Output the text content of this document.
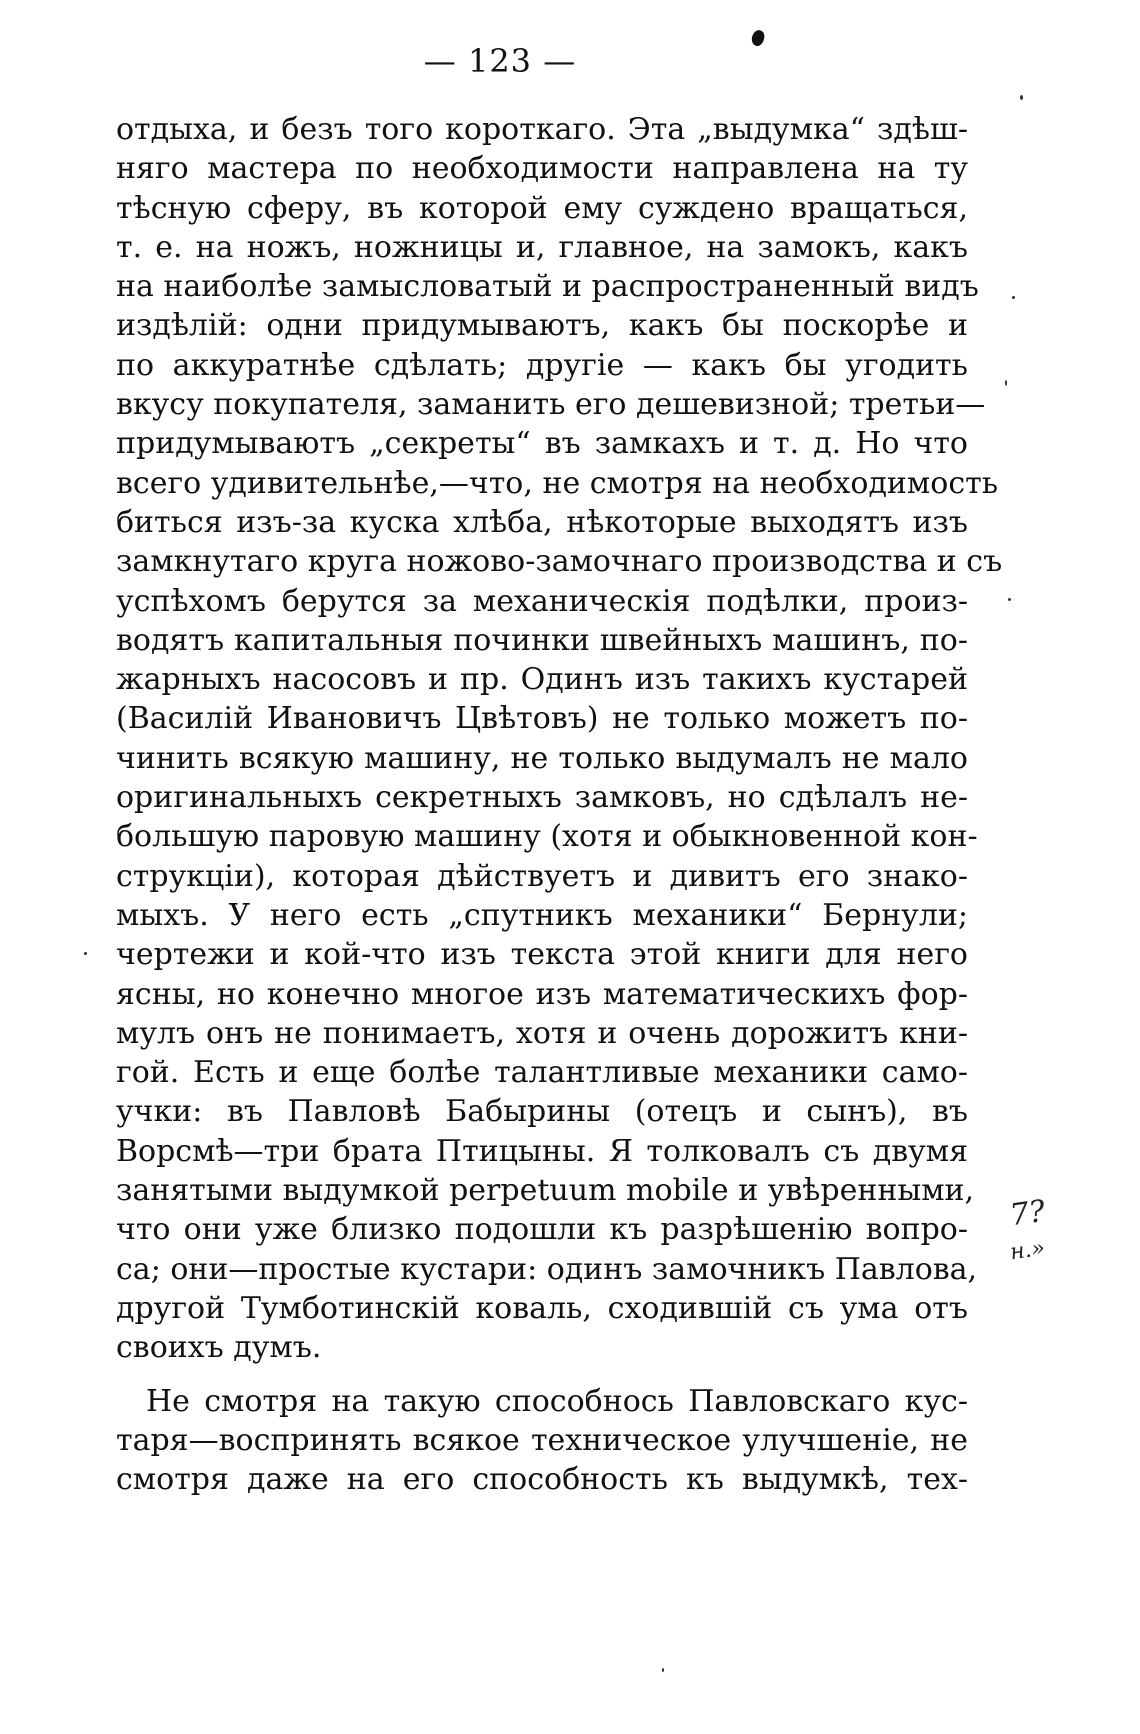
— 123 —
отдыха, и безъ того короткаго. Эта „выдумка“ здѣш-
няго мастера по необходимости направлена на ту
тѣсную сферу, въ которой ему суждено вращаться,
т. е. на ножъ, ножницы и, главное, на замокъ, какъ
на наиболѣе замысловатый и распространенный видъ
издѣлій: одни придумываютъ, какъ бы поскорѣе и
по аккуратнѣе сдѣлать; другіе — какъ бы угодить
вкусу покупателя, заманить его дешевизной; третьи—
придумываютъ „секреты“ въ замкахъ и т. д. Но что
всего удивительнѣе,—что, не смотря на необходимость
биться изъ-за куска хлѣба, нѣкоторые выходятъ изъ
замкнутаго круга ножово-замочнаго производства и съ
успѣхомъ берутся за механическія подѣлки, произ-
водятъ капитальныя починки швейныхъ машинъ, по-
жарныхъ насосовъ и пр. Одинъ изъ такихъ кустарей
(Василій Ивановичъ Цвѣтовъ) не только можетъ по-
чинить всякую машину, не только выдумалъ не мало
оригинальныхъ секретныхъ замковъ, но сдѣлалъ не-
большую паровую машину (хотя и обыкновенной кон-
струкціи), которая дѣйствуетъ и дивитъ его знако-
мыхъ. У него есть „спутникъ механики“ Бернули;
чертежи и кой-что изъ текста этой книги для него
ясны, но конечно многое изъ математическихъ фор-
мулъ онъ не понимаетъ, хотя и очень дорожитъ кни-
гой. Есть и еще болѣе талантливые механики само-
учки: въ Павловѣ Бабырины (отецъ и сынъ), въ
Ворсмѣ—три брата Птицыны. Я толковалъ съ двумя
занятыми выдумкой perpetuum mobile и увѣренными,
что они уже близко подошли къ разрѣшенію вопро-
са; они—простые кустари: одинъ замочникъ Павлова,
другой Тумботинскій коваль, сходившій съ ума отъ
своихъ думъ.
Не смотря на такую способнось Павловскаго кус-
таря—воспринять всякое техническое улучшеніе, не
смотря даже на его способность къ выдумкѣ, тех-
7?
н.»
